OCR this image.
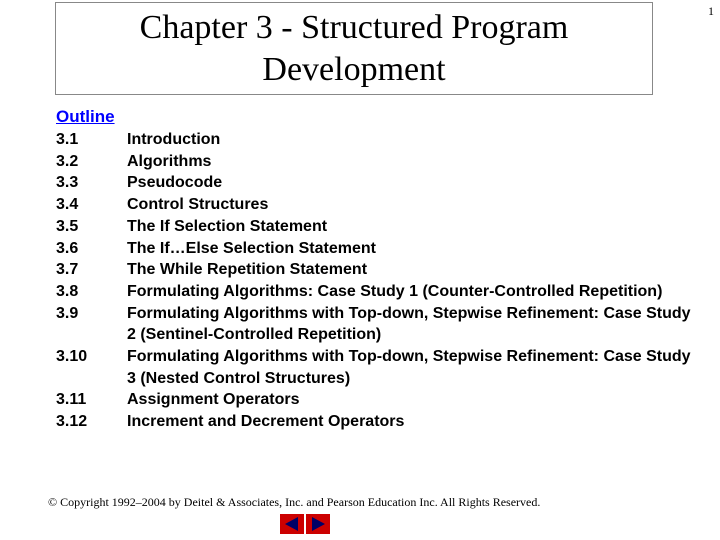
Chapter 3 - Structured Program Development
1
Outline
3.1	Introduction
3.2	Algorithms
3.3	Pseudocode
3.4	Control Structures
3.5	The If Selection Statement
3.6	The If…Else Selection Statement
3.7	The While Repetition Statement
3.8	Formulating Algorithms: Case Study 1 (Counter-Controlled Repetition)
3.9	Formulating Algorithms with Top-down, Stepwise Refinement: Case Study 2 (Sentinel-Controlled Repetition)
3.10	Formulating Algorithms with Top-down, Stepwise Refinement: Case Study 3 (Nested Control Structures)
3.11	Assignment Operators
3.12	Increment and Decrement Operators
© Copyright 1992–2004 by Deitel & Associates, Inc. and Pearson Education Inc. All Rights Reserved.
